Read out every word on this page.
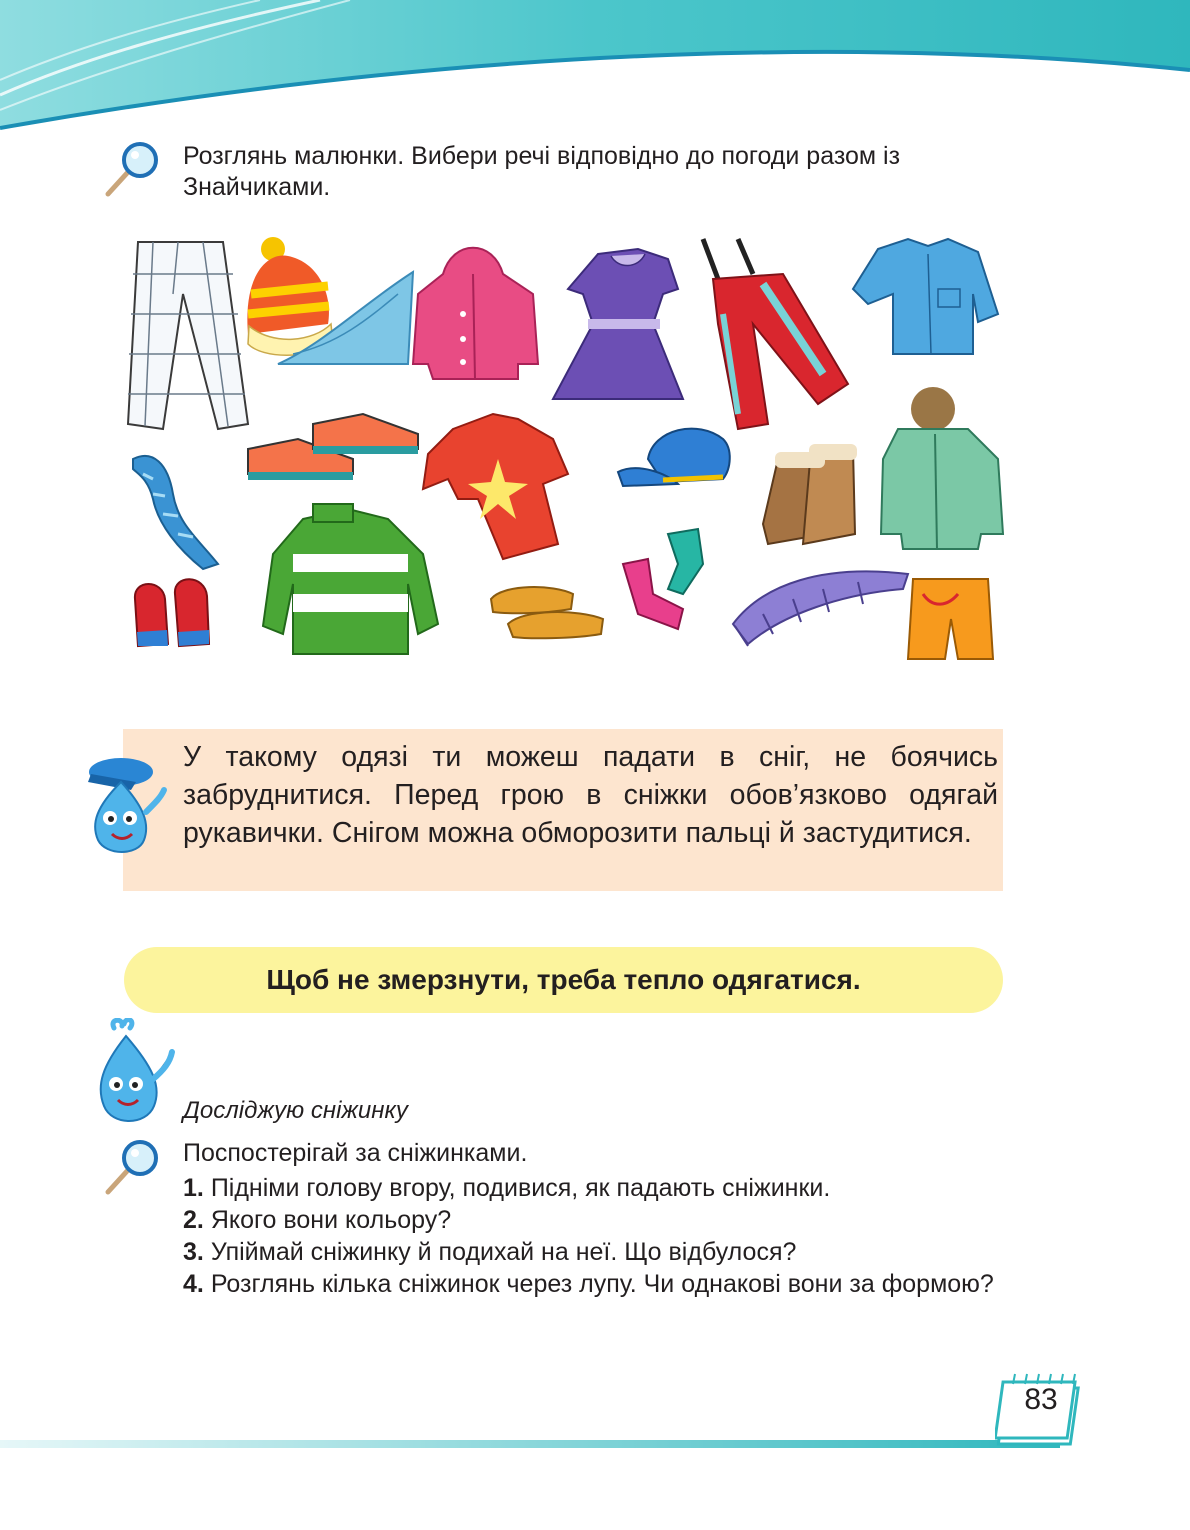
Розглянь малюнки. Вибери речі відповідно до погоди разом із Знайчиками.
У такому одязі ти можеш падати в сніг, не боячись забруднитися. Перед грою в сніжки обов’язково одягай рукавички. Снігом можна обморозити пальці й застудитися.
Щоб не змерзнути, треба тепло одягатися.
Досліджую сніжинку
Поспостерігай за сніжинками.
1. Підніми голову вгору, подивися, як падають сніжинки.
2. Якого вони кольору?
3. Упіймай сніжинку й подихай на неї. Що відбулося?
4. Розглянь кілька сніжинок через лупу. Чи однакові вони за формою?
83
